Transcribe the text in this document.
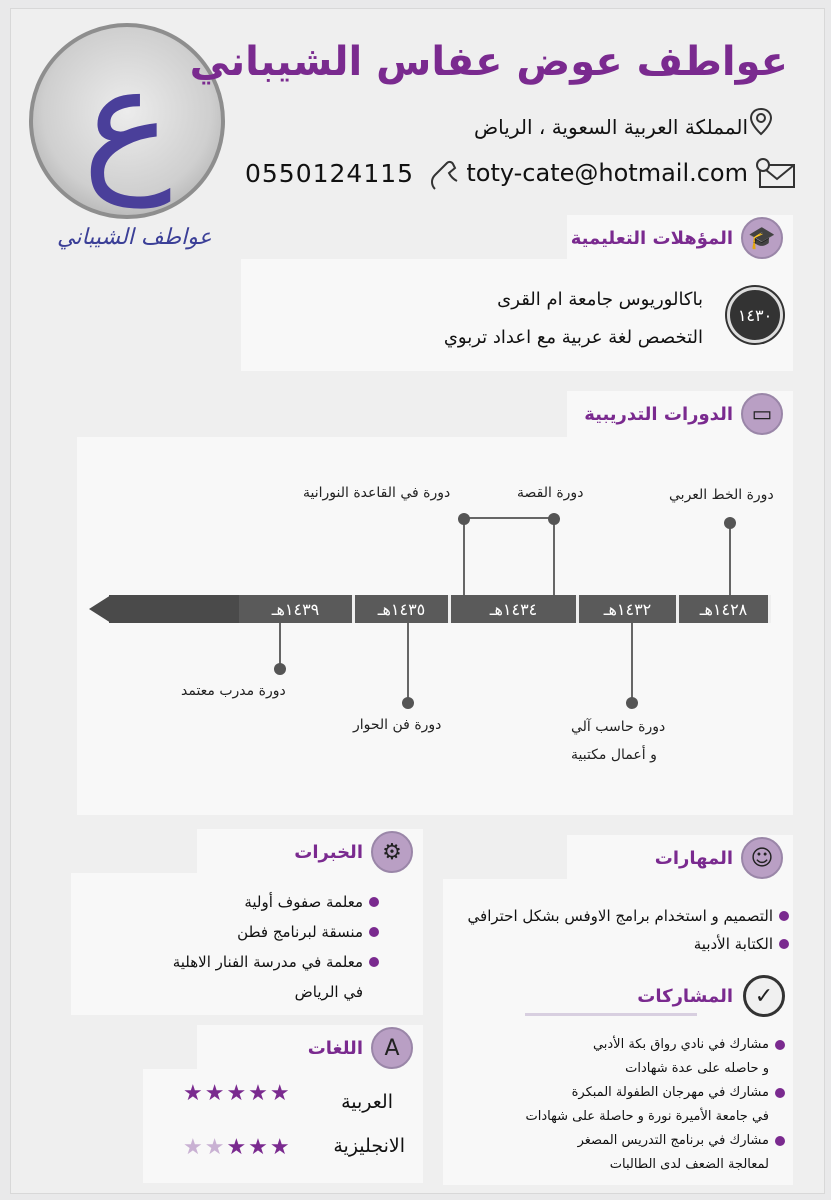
ع
عواطف الشيباني
عواطف عوض عفاس الشيباني
المملكة العربية السعوية ، الرياض
toty-cate@hotmail.com
0550124115
المؤهلات التعليمية 🎓
١٤٣٠
باكالوريوس جامعة ام القرى
التخصص لغة عربية مع اعداد تربوي
الدورات التدريبية ▭
١٤٢٨هـ
١٤٣٢هـ
١٤٣٤هـ
١٤٣٥هـ
١٤٣٩هـ
دورة الخط العربي
دورة القصة
دورة في القاعدة النورانية
دورة حاسب آلي
و أعمال مكتبية
دورة فن الحوار
دورة مدرب معتمد
الخبرات ⚙
معلمة صفوف أولية
منسقة لبرنامج فطن
معلمة في مدرسة الفنار الاهلية
في الرياض
المهارات ☺
التصميم و استخدام برامج الاوفس بشكل احترافي
الكتابة الأدبية
المشاركات ✓
مشارك في نادي رواق بكة الأدبي
و حاصله على عدة شهادات
مشارك في مهرجان الطفولة المبكرة
في جامعة الأميرة نورة و حاصلة على شهادات
مشارك في برنامج التدريس المصغر
لمعالجة الضعف لدى الطالبات
اللغات A
العربية
★★★★★
الانجليزية
★★★★★
